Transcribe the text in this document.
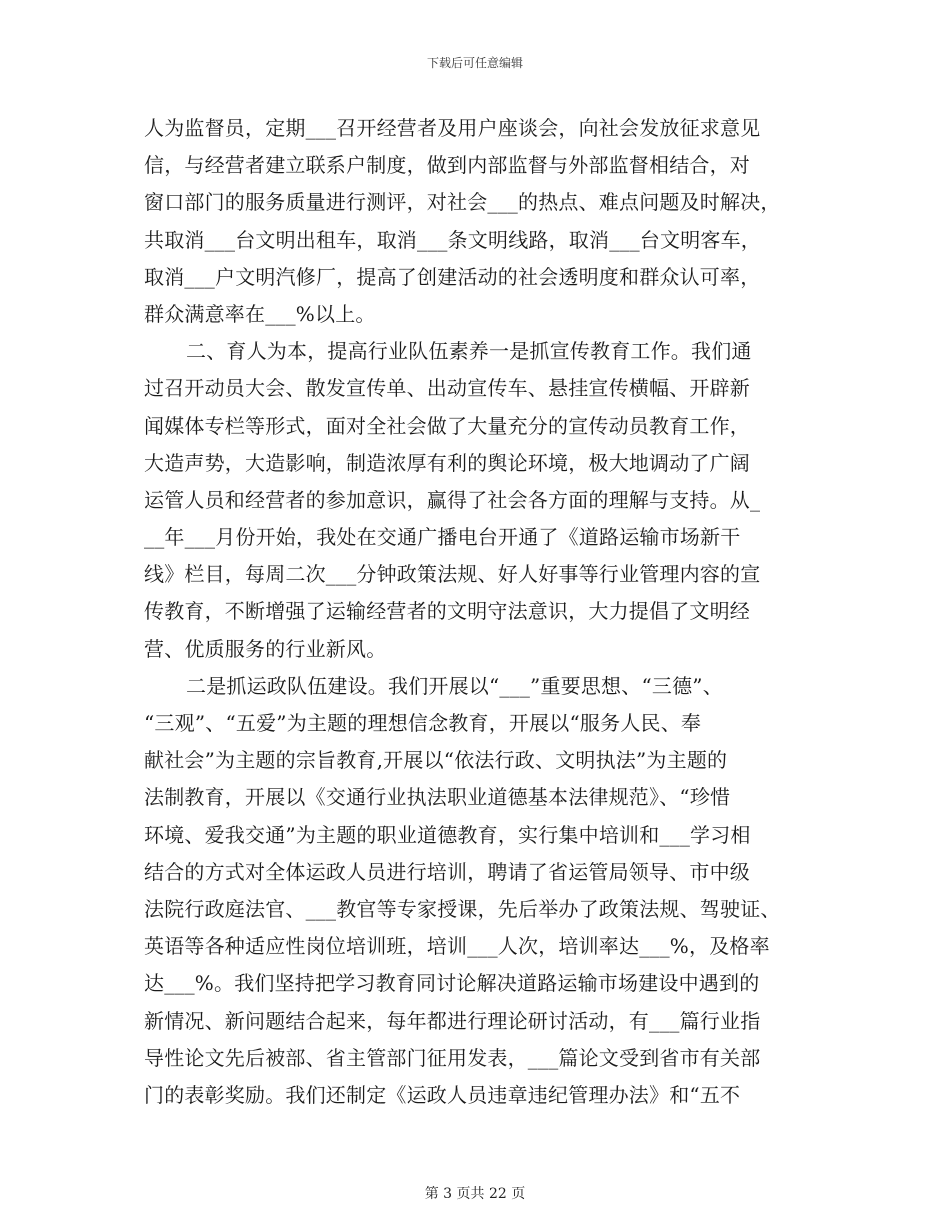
下载后可任意编辑
人为监督员，定期___召开经营者及用户座谈会，向社会发放征求意见
信，与经营者建立联系户制度，做到内部监督与外部监督相结合，对
窗口部门的服务质量进行测评，对社会___的热点、难点问题及时解决，
共取消___台文明出租车，取消___条文明线路，取消___台文明客车，
取消___户文明汽修厂，提高了创建活动的社会透明度和群众认可率，
群众满意率在___%以上。
二、育人为本，提高行业队伍素养一是抓宣传教育工作。我们通
过召开动员大会、散发宣传单、出动宣传车、悬挂宣传横幅、开辟新
闻媒体专栏等形式，面对全社会做了大量充分的宣传动员教育工作，
大造声势，大造影响，制造浓厚有利的舆论环境，极大地调动了广阔
运管人员和经营者的参加意识，赢得了社会各方面的理解与支持。从_
__年___月份开始，我处在交通广播电台开通了《道路运输市场新干
线》栏目，每周二次___分钟政策法规、好人好事等行业管理内容的宣
传教育，不断增强了运输经营者的文明守法意识，大力提倡了文明经
营、优质服务的行业新风。
二是抓运政队伍建设。我们开展以“___”重要思想、“三德”、
“三观”、“五爱”为主题的理想信念教育，开展以“服务人民、奉
献社会”为主题的宗旨教育,开展以“依法行政、文明执法”为主题的
法制教育，开展以《交通行业执法职业道德基本法律规范》、“珍惜
环境、爱我交通”为主题的职业道德教育，实行集中培训和___学习相
结合的方式对全体运政人员进行培训，聘请了省运管局领导、市中级
法院行政庭法官、___教官等专家授课，先后举办了政策法规、驾驶证、
英语等各种适应性岗位培训班，培训___人次，培训率达___%，及格率
达___%。我们坚持把学习教育同讨论解决道路运输市场建设中遇到的
新情况、新问题结合起来，每年都进行理论研讨活动，有___篇行业指
导性论文先后被部、省主管部门征用发表，___篇论文受到省市有关部
门的表彰奖励。我们还制定《运政人员违章违纪管理办法》和“五不
第 3 页共 22 页
